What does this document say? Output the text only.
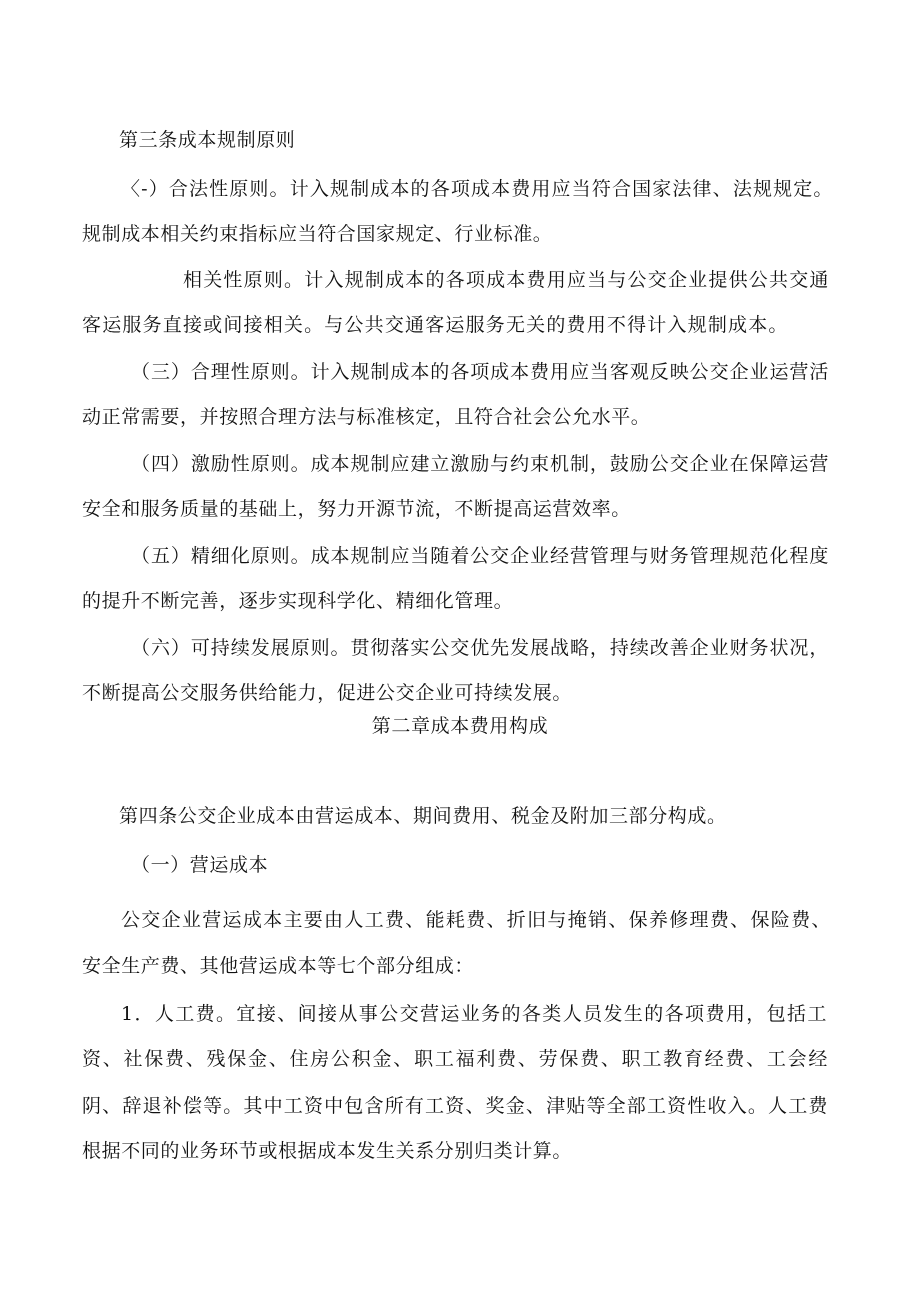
第三条成本规制原则
〈-）合法性原则。计入规制成本的各项成本费用应当符合国家法律、法规规定。
规制成本相关约束指标应当符合国家规定、行业标准。
相关性原则。计入规制成本的各项成本费用应当与公交企业提供公共交通
客运服务直接或间接相关。与公共交通客运服务无关的费用不得计入规制成本。
（三）合理性原则。计入规制成本的各项成本费用应当客观反映公交企业运营活
动正常需要，并按照合理方法与标准核定，且符合社会公允水平。
（四）激励性原则。成本规制应建立激励与约束机制，鼓励公交企业在保障运营
安全和服务质量的基础上，努力开源节流，不断提高运营效率。
（五）精细化原则。成本规制应当随着公交企业经营管理与财务管理规范化程度
的提升不断完善，逐步实现科学化、精细化管理。
（六）可持续发展原则。贯彻落实公交优先发展战略，持续改善企业财务状况，
不断提高公交服务供给能力，促进公交企业可持续发展。
第二章成本费用构成
第四条公交企业成本由营运成本、期间费用、税金及附加三部分构成。
（一）营运成本
公交企业营运成本主要由人工费、能耗费、折旧与掩销、保养修理费、保险费、
安全生产费、其他营运成本等七个部分组成：
1．人工费。宜接、间接从事公交营运业务的各类人员发生的各项费用，包括工
资、社保费、残保金、住房公积金、职工福利费、劳保费、职工教育经费、工会经
阴、辞退补偿等。其中工资中包含所有工资、奖金、津贴等全部工资性收入。人工费
根据不同的业务环节或根据成本发生关系分别归类计算。
